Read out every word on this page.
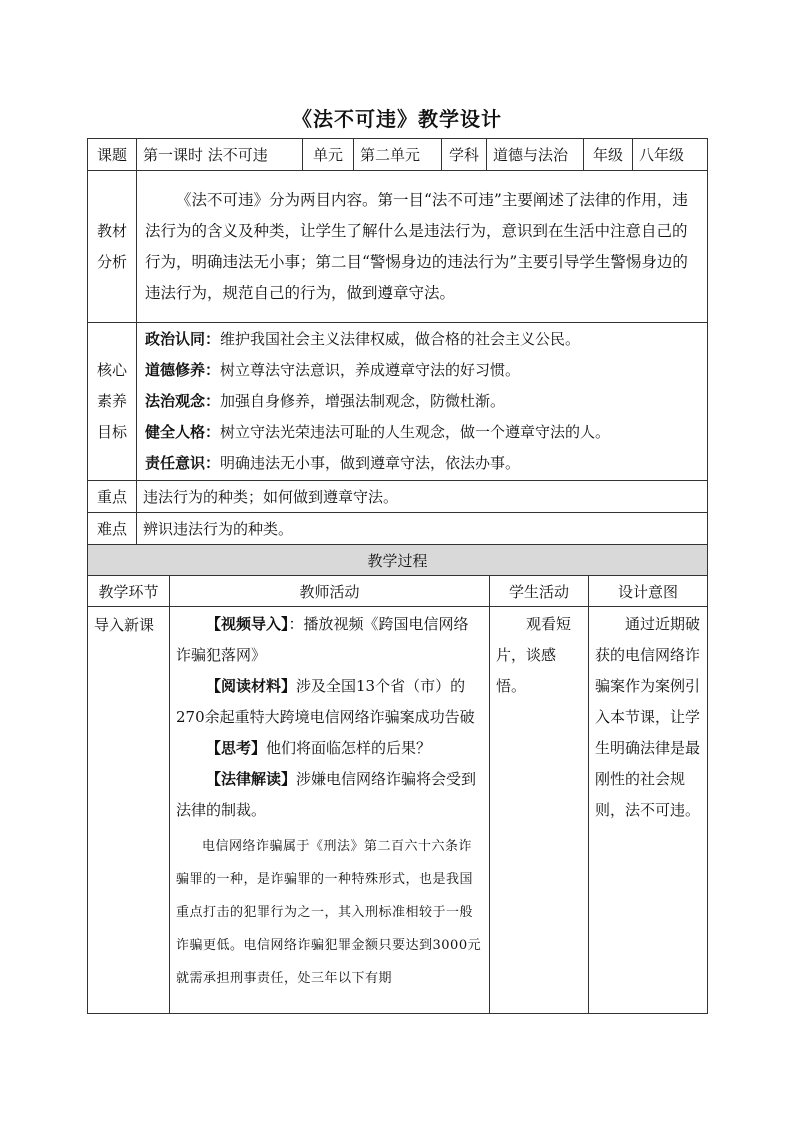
《法不可违》教学设计
课题	第一课时 法不可违	单元	第二单元	学科	道德与法治	年级	八年级
教材分析	《法不可违》分为两目内容。第一目“法不可违”主要阐述了法律的作用，违法行为的含义及种类，让学生了解什么是违法行为，意识到在生活中注意自己的行为，明确违法无小事；第二目“警惕身边的违法行为”主要引导学生警惕身边的违法行为，规范自己的行为，做到遵章守法。						

核心素养目标	政治认同：维护我国社会主义法律权威，做合格的社会主义公民。
道德修养：树立尊法守法意识，养成遵章守法的好习惯。
法治观念：加强自身修养，增强法制观念，防微杜渐。
健全人格：树立守法光荣违法可耻的人生观念，做一个遵章守法的人。
责任意识：明确违法无小事，做到遵章守法，依法办事。						

重点	违法行为的种类；如何做到遵章守法。						
难点	辨识违法行为的种类。						
教学过程			
教学环节	教师活动	学生活动	设计意图
导入新课	【视频导入】：播放视频《跨国电信网络诈骗犯落网》
【阅读材料】涉及全国13个省（市）的270余起重特大跨境电信网络诈骗案成功告破
【思考】他们将面临怎样的后果？
【法律解读】涉嫌电信网络诈骗将会受到法律的制裁。
电信网络诈骗属于《刑法》第二百六十六条诈骗罪的一种，是诈骗罪的一种特殊形式，也是我国重点打击的犯罪行为之一，其入刑标准相较于一般诈骗更低。电信网络诈骗犯罪金额只要达到3000元就需承担刑事责任，处三年以下有期	观看短片，谈感悟。	通过近期破获的电信网络诈骗案作为案例引入本节课，让学生明确法律是最刚性的社会规则，法不可违。
